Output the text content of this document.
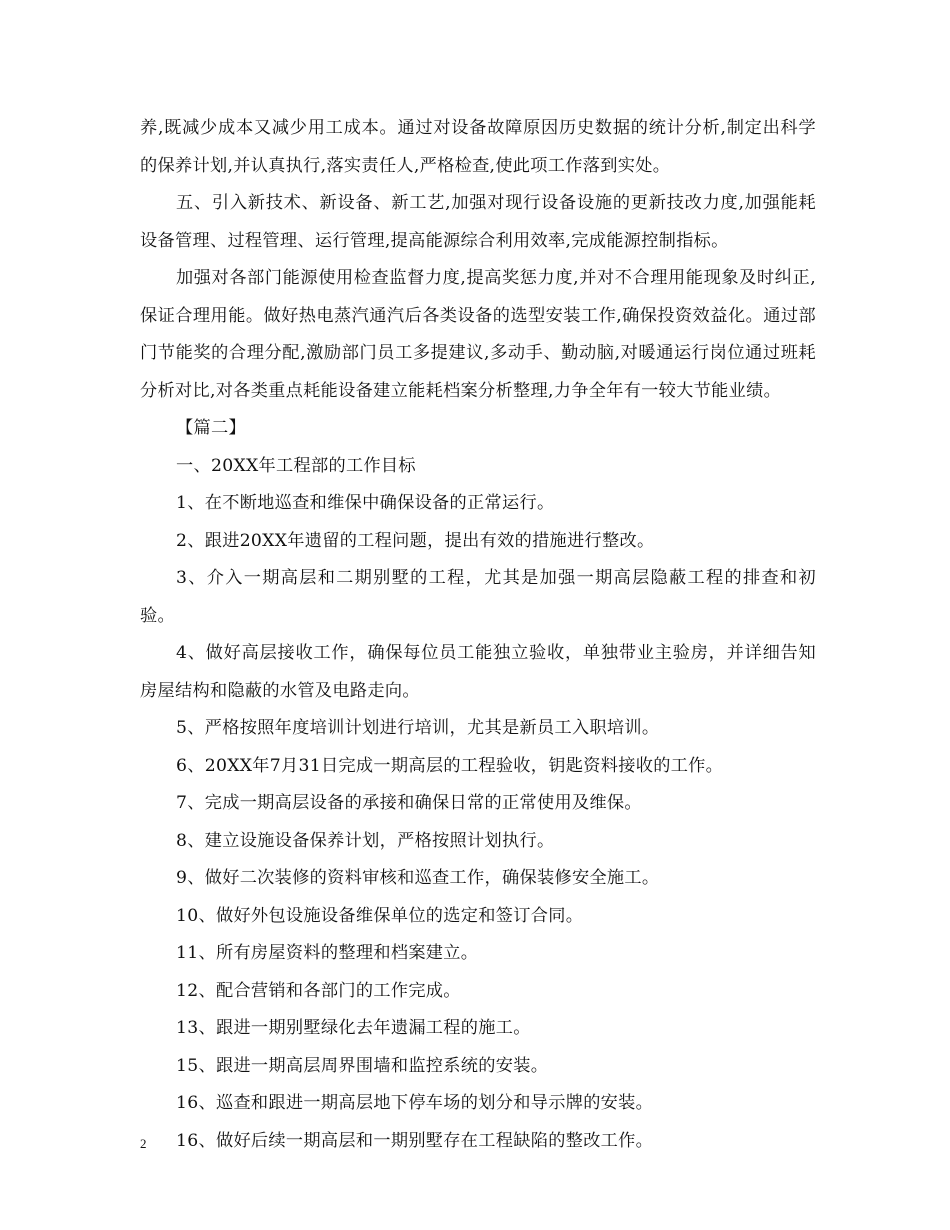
养,既减少成本又减少用工成本。通过对设备故障原因历史数据的统计分析,制定出科学的保养计划,并认真执行,落实责任人,严格检查,使此项工作落到实处。

五、引入新技术、新设备、新工艺,加强对现行设备设施的更新技改力度,加强能耗设备管理、过程管理、运行管理,提高能源综合利用效率,完成能源控制指标。

加强对各部门能源使用检查监督力度,提高奖惩力度,并对不合理用能现象及时纠正,保证合理用能。做好热电蒸汽通汽后各类设备的选型安装工作,确保投资效益化。通过部门节能奖的合理分配,激励部门员工多提建议,多动手、勤动脑,对暖通运行岗位通过班耗分析对比,对各类重点耗能设备建立能耗档案分析整理,力争全年有一较大节能业绩。

【篇二】

一、20XX年工程部的工作目标

1、在不断地巡查和维保中确保设备的正常运行。

2、跟进20XX年遗留的工程问题，提出有效的措施进行整改。

3、介入一期高层和二期别墅的工程，尤其是加强一期高层隐蔽工程的排查和初验。

4、做好高层接收工作，确保每位员工能独立验收，单独带业主验房，并详细告知房屋结构和隐蔽的水管及电路走向。

5、严格按照年度培训计划进行培训，尤其是新员工入职培训。

6、20XX年7月31日完成一期高层的工程验收，钥匙资料接收的工作。

7、完成一期高层设备的承接和确保日常的正常使用及维保。

8、建立设施设备保养计划，严格按照计划执行。

9、做好二次装修的资料审核和巡查工作，确保装修安全施工。

10、做好外包设施设备维保单位的选定和签订合同。

11、所有房屋资料的整理和档案建立。

12、配合营销和各部门的工作完成。

13、跟进一期别墅绿化去年遗漏工程的施工。

15、跟进一期高层周界围墙和监控系统的安装。

16、巡查和跟进一期高层地下停车场的划分和导示牌的安装。

16、做好后续一期高层和一期别墅存在工程缺陷的整改工作。

2
